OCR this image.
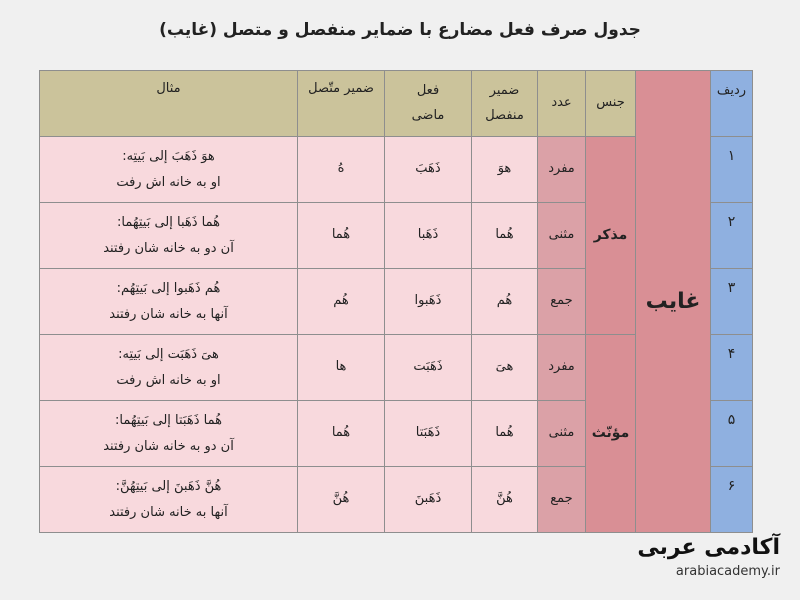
جدول صرف فعل مضارع با ضمایر منفصل و متصل (غایب)
ردیف	غایب	جنس	عدد	ضمیر منفصل	فعل ماضی	ضمیر متّصل	مثال
۱		مذکر	مفرد	هوَ	ذَهَبَ	هُ	هوَ ذَهَبَ إلی بَیتِه:
او به خانه اش رفت

۲			مثنی	هُما	ذَهَبا	هُما	هُما ذَهَبا إلی بَیتِهُما:
آن دو به خانه شان رفتند

۳			جمع	هُم	ذَهَبوا	هُم	هُم ذَهَبوا إلی بَیتِهُم:
آنها به خانه شان رفتند

۴		مؤنّث	مفرد	هیَ	ذَهَبَت	ها	هیَ ذَهَبَت إلی بَیتِه:
او به خانه اش رفت

۵			مثنی	هُما	ذَهَبَتا	هُما	هُما ذَهَبَتا إلی بَیتِهُما:
آن دو به خانه شان رفتند

۶			جمع	هُنَّ	ذَهَبنَ	هُنَّ	هُنَّ ذَهَبنَ إلی بَیتِهُنَّ:
آنها به خانه شان رفتند
آکادمی عربی
arabiacademy.ir
